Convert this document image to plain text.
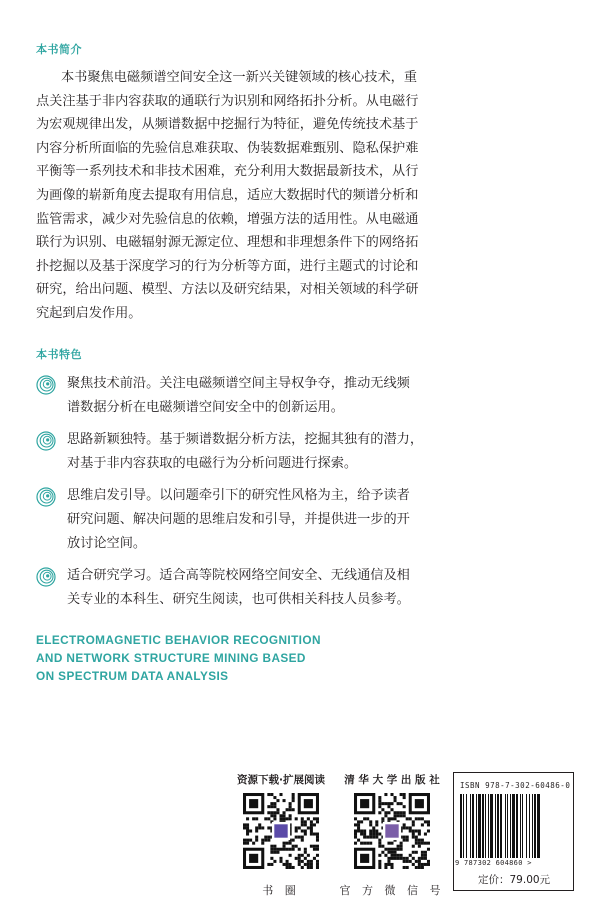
本书简介
本书聚焦电磁频谱空间安全这一新兴关键领域的核心技术，重
点关注基于非内容获取的通联行为识别和网络拓扑分析。从电磁行
为宏观规律出发，从频谱数据中挖掘行为特征，避免传统技术基于
内容分析所面临的先验信息难获取、伪装数据难甄别、隐私保护难
平衡等一系列技术和非技术困难，充分利用大数据最新技术，从行
为画像的崭新角度去提取有用信息，适应大数据时代的频谱分析和
监管需求，减少对先验信息的依赖，增强方法的适用性。从电磁通
联行为识别、电磁辐射源无源定位、理想和非理想条件下的网络拓
扑挖掘以及基于深度学习的行为分析等方面，进行主题式的讨论和
研究，给出问题、模型、方法以及研究结果，对相关领域的科学研
究起到启发作用。
本书特色
聚焦技术前沿。关注电磁频谱空间主导权争夺，推动无线频
谱数据分析在电磁频谱空间安全中的创新运用。
思路新颖独特。基于频谱数据分析方法，挖掘其独有的潜力，
对基于非内容获取的电磁行为分析问题进行探索。
思维启发引导。以问题牵引下的研究性风格为主，给予读者
研究问题、解决问题的思维启发和引导，并提供进一步的开
放讨论空间。
适合研究学习。适合高等院校网络空间安全、无线通信及相
关专业的本科生、研究生阅读，也可供相关科技人员参考。
ELECTROMAGNETIC BEHAVIOR RECOGNITION
AND NETWORK STRUCTURE MINING BASED
ON SPECTRUM DATA ANALYSIS
资源下载·扩展阅读
书 圈
清 华 大 学 出 版 社
官 方 微 信 号
ISBN 978-7-302-60486-0
9 787302 604860 >
定价：79.00元
